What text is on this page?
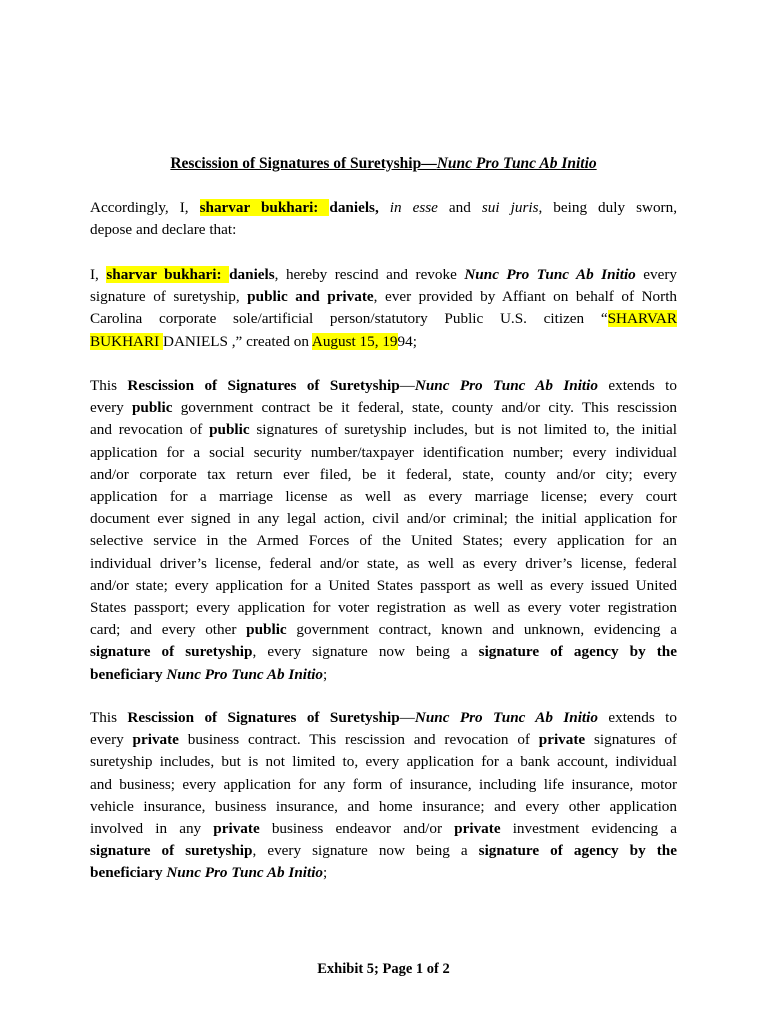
Rescission of Signatures of Suretyship—Nunc Pro Tunc Ab Initio

Accordingly, I, sharvar bukhari: daniels, in esse and sui juris, being duly sworn,
depose and declare that:

I, sharvar bukhari: daniels, hereby rescind and revoke Nunc Pro Tunc Ab Initio every
signature of suretyship, public and private, ever provided by Affiant on behalf of North
Carolina corporate sole/artificial person/statutory Public U.S. citizen “SHARVAR
BUKHARI DANIELS ,” created on August 15, 1994;

This Rescission of Signatures of Suretyship—Nunc Pro Tunc Ab Initio extends to
every public government contract be it federal, state, county and/or city. This rescission
and revocation of public signatures of suretyship includes, but is not limited to, the initial
application for a social security number/taxpayer identification number; every individual
and/or corporate tax return ever filed, be it federal, state, county and/or city; every
application for a marriage license as well as every marriage license; every court
document ever signed in any legal action, civil and/or criminal; the initial application for
selective service in the Armed Forces of the United States; every application for an
individual driver’s license, federal and/or state, as well as every driver’s license, federal
and/or state; every application for a United States passport as well as every issued United
States passport; every application for voter registration as well as every voter registration
card; and every other public government contract, known and unknown, evidencing a
signature of suretyship, every signature now being a signature of agency by the
beneficiary Nunc Pro Tunc Ab Initio;

This Rescission of Signatures of Suretyship—Nunc Pro Tunc Ab Initio extends to
every private business contract. This rescission and revocation of private signatures of
suretyship includes, but is not limited to, every application for a bank account, individual
and business; every application for any form of insurance, including life insurance, motor
vehicle insurance, business insurance, and home insurance; and every other application
involved in any private business endeavor and/or private investment evidencing a
signature of suretyship, every signature now being a signature of agency by the
beneficiary Nunc Pro Tunc Ab Initio;

Exhibit 5; Page 1 of 2
